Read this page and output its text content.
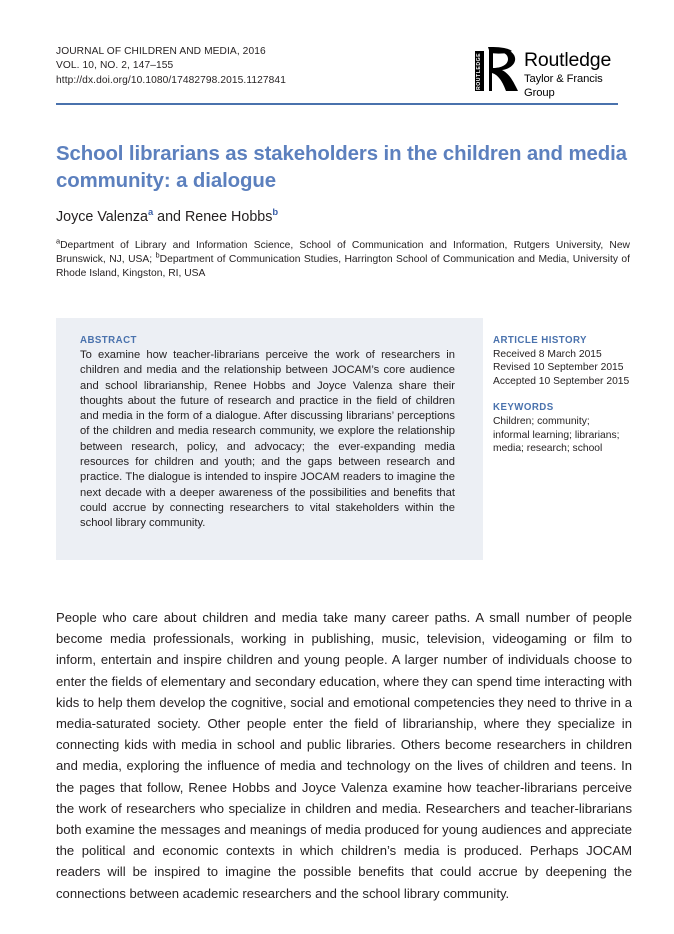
JOURNAL OF CHILDREN AND MEDIA, 2016
VOL. 10, NO. 2, 147–155
http://dx.doi.org/10.1080/17482798.2015.1127841	ROUTLEDGE Routledge
Taylor & Francis Group
School librarians as stakeholders in the children and media community: a dialogue
Joyce Valenza$^a$ and Renee Hobbs$^b$
$^a$Department of Library and Information Science, School of Communication and Information, Rutgers University, New Brunswick, NJ, USA; $^b$Department of Communication Studies, Harrington School of Communication and Media, University of Rhode Island, Kingston, RI, USA
ABSTRACT
To examine how teacher-librarians perceive the work of researchers in children and media and the relationship between JOCAM’s core audience and school librarianship, Renee Hobbs and Joyce Valenza share their thoughts about the future of research and practice in the field of children and media in the form of a dialogue. After discussing librarians’ perceptions of the children and media research community, we explore the relationship between research, policy, and advocacy; the ever-expanding media resources for children and youth; and the gaps between research and practice. The dialogue is intended to inspire JOCAM readers to imagine the next decade with a deeper awareness of the possibilities and benefits that could accrue by connecting researchers to vital stakeholders within the school library community.
ARTICLE HISTORY
Received 8 March 2015
Revised 10 September 2015
Accepted 10 September 2015
KEYWORDS
Children; community;
informal learning; librarians;
media; research; school
People who care about children and media take many career paths. A small number of people become media professionals, working in publishing, music, television, videogaming or film to inform, entertain and inspire children and young people. A larger number of individuals choose to enter the fields of elementary and secondary education, where they can spend time interacting with kids to help them develop the cognitive, social and emotional competencies they need to thrive in a media-saturated society. Other people enter the field of librarianship, where they specialize in connecting kids with media in school and public libraries. Others become researchers in children and media, exploring the influence of media and technology on the lives of children and teens. In the pages that follow, Renee Hobbs and Joyce Valenza examine how teacher-librarians perceive the work of researchers who specialize in children and media. Researchers and teacher-librarians both examine the messages and meanings of media produced for young audiences and appreciate the political and economic contexts in which children’s media is produced. Perhaps JOCAM readers will be inspired to imagine the possible benefits that could accrue by deepening the connections between academic researchers and the school library community.
